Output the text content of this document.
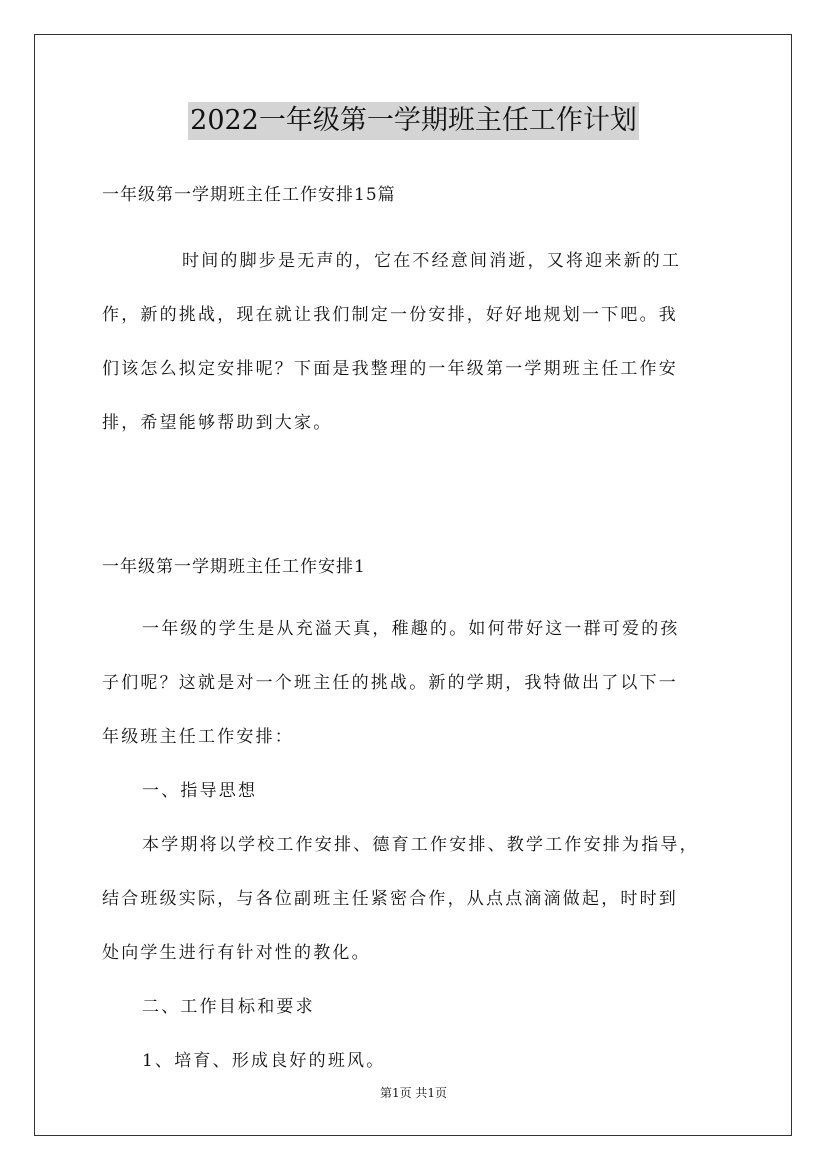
2022一年级第一学期班主任工作计划
一年级第一学期班主任工作安排15篇
时间的脚步是无声的，它在不经意间消逝，又将迎来新的工
作，新的挑战，现在就让我们制定一份安排，好好地规划一下吧。我
们该怎么拟定安排呢？下面是我整理的一年级第一学期班主任工作安
排，希望能够帮助到大家。
一年级第一学期班主任工作安排1
一年级的学生是从充溢天真，稚趣的。如何带好这一群可爱的孩
子们呢？这就是对一个班主任的挑战。新的学期，我特做出了以下一
年级班主任工作安排：
一、指导思想
本学期将以学校工作安排、德育工作安排、教学工作安排为指导，
结合班级实际，与各位副班主任紧密合作，从点点滴滴做起，时时到
处向学生进行有针对性的教化。
二、工作目标和要求
1、培育、形成良好的班风。
第1页 共1页
